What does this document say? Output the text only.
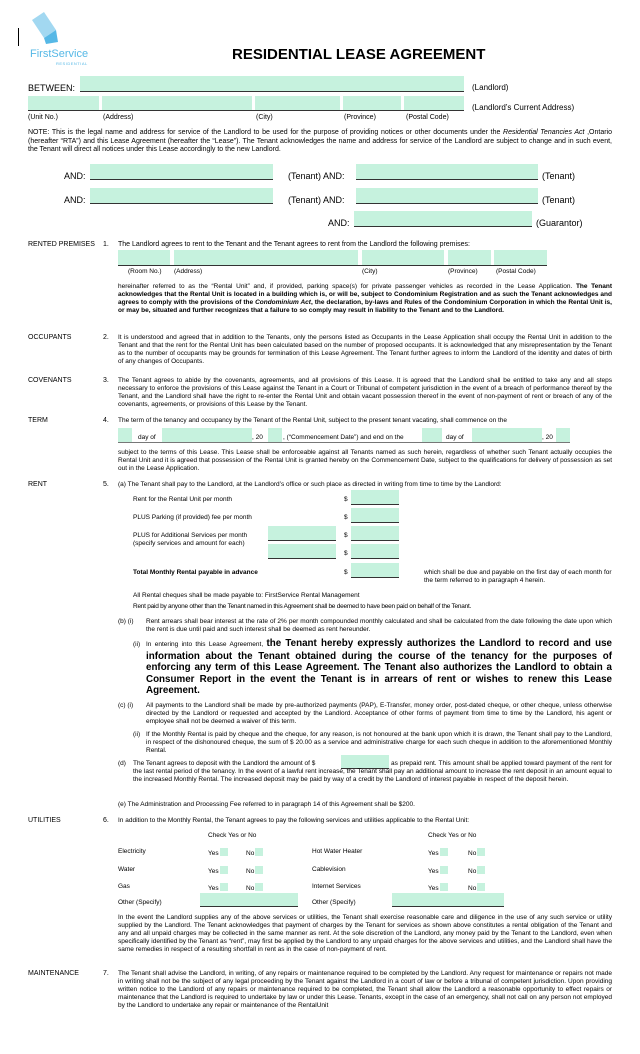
FirstService
RESIDENTIAL
RESIDENTIAL LEASE AGREEMENT
BETWEEN:	(Landlord)
(Landlord’s Current Address)
(Unit No.)	(Address)	(City)	(Province)	(Postal Code)
NOTE: This is the legal name and address for service of the Landlord to be used for the purpose of providing notices or other documents under the Residential Tenancies Act ,Ontario (hereafter “RTA”) and this Lease Agreement (hereafter the “Lease”). The Tenant acknowledges the name and address for service of the Landlord are subject to change and in such event, the Tenant will direct all notices under this Lease accordingly to the new Landlord.
AND:	(Tenant) AND:	(Tenant)
AND:	(Tenant) AND:	(Tenant)
AND:	(Guarantor)
RENTED PREMISES 1. The Landlord agrees to rent to the Tenant and the Tenant agrees to rent from the Landlord the following premises:
(Room No.) (Address)	(City)	(Province)	(Postal Code)
hereinafter referred to as the “Rental Unit” and, if provided, parking space(s) for private passenger vehicles as recorded in the Lease Application. The Tenant acknowledges that the Rental Unit is located in a building which is, or will be, subject to Condominium Registration and as such the Tenant acknowledges and agrees to comply with the provisions of the Condominium Act, the declaration, by-laws and Rules of the Condominium Corporation in which the Rental Unit is, or may be, situated and further recognizes that a failure to so comply may result in liability to the Tenant and to the Landlord.
OCCUPANTS	2. It is understood and agreed that in addition to the Tenants, only the persons listed as Occupants in the Lease Application shall occupy the Rental Unit in addition to the Tenant and that the rent for the Rental Unit has been calculated based on the number of proposed occupants. It is acknowledged that any misrepresentation by the Tenant as to the number of occupants may be grounds for termination of this Lease Agreement. The Tenant further agrees to inform the Landlord of the identity and dates of birth of any changes of Occupants.
COVENANTS	3. The Tenant agrees to abide by the covenants, agreements, and all provisions of this Lease. It is agreed that the Landlord shall be entitled to take any and all steps necessary to enforce the provisions of this Lease against the Tenant in a Court or Tribunal of competent jurisdiction in the event of a breach of performance thereof by the Tenant, and the Landlord shall have the right to re-enter the Rental Unit and obtain vacant possession thereof in the event of non-payment of rent or breach of any of the covenants, agreements, or provisions of this Lease by the Tenant.
TERM	4. The term of the tenancy and occupancy by the Tenant of the Rental Unit, subject to the present tenant vacating, shall commence on the
day of	, 20	, (“Commencement Date”) and end on the	day of	, 20
subject to the terms of this Lease. This Lease shall be enforceable against all Tenants named as such herein, regardless of whether such Tenant actually occupies the Rental Unit and it is agreed that possession of the Rental Unit is granted hereby on the Commencement Date, subject to the qualifications for delivery of possession as set out in the Lease Application.
RENT	5. (a) The Tenant shall pay to the Landlord, at the Landlord’s office or such place as directed in writing from time to time by the Landlord:
Rent for the Rental Unit per month	$
PLUS Parking (if provided) fee per month	$
PLUS for Additional Services per month
(specify services and amount for each)
$
$
Total Monthly Rental payable in advance	$	which shall be due and payable on the first day of each month for the term referred to in paragraph 4 herein.
All Rental cheques shall be made payable to: FirstService Rental Management
Rent paid by anyone other than the Tenant named in this Agreement shall be deemed to have been paid on behalf of the Tenant.
(b) (i) Rent arrears shall bear interest at the rate of 2% per month compounded monthly calculated and shall be calculated from the date following the date upon which the rent is due until paid and such interest shall be deemed as rent hereunder.
(ii) In entering into this Lease Agreement, the Tenant hereby expressly authorizes the Landlord to record and use information about the Tenant obtained during the course of the tenancy for the purposes of enforcing any term of this Lease Agreement. The Tenant also authorizes the Landlord to obtain a Consumer Report in the event the Tenant is in arrears of rent or wishes to renew this Lease Agreement.
(c) (i) All payments to the Landlord shall be made by pre-authorized payments (PAP), E-Transfer, money order, post-dated cheque, or other cheque, unless otherwise directed by the Landlord or requested and accepted by the Landlord. Acceptance of other forms of payment from time to time by the Landlord, his agent or employee shall not be deemed a waiver of this term.
(ii) If the Monthly Rental is paid by cheque and the cheque, for any reason, is not honoured at the bank upon which it is drawn, the Tenant shall pay to the Landlord, in respect of the dishonoured cheque, the sum of $ 20.00 as a service and administrative charge for each such cheque in addition to the aforementioned Monthly Rental.
(d) The Tenant agrees to deposit with the Landlord the amount of $	as prepaid rent. This amount shall be applied toward payment of the rent for the last rental period of the tenancy. In the event of a lawful rent increase, the Tenant shall pay an additional amount to increase the rent deposit in an amount equal to the increased Monthly Rental. The increased deposit may be paid by way of a credit by the Landlord of interest payable in respect of the deposit herein.
(e) The Administration and Processing Fee referred to in paragraph 14 of this Agreement shall be $200.
UTILITIES	6. In addition to the Monthly Rental, the Tenant agrees to pay the following services and utilities applicable to the Rental Unit:
Check Yes or No	Check Yes or No
Electricity	Yes	No
Water	Yes	No
Gas	Yes	No
Hot Water Heater	Yes	No
Cablevision	Yes	No
Internet Services	Yes	No
Other (Specify)	Other (Specify)
In the event the Landlord supplies any of the above services or utilities, the Tenant shall exercise reasonable care and diligence in the use of any such service or utility supplied by the Landlord. The Tenant acknowledges that payment of charges by the Tenant for services as shown above constitutes a rental obligation of the Tenant and any and all unpaid charges may be collected in the same manner as rent. At the sole discretion of the Landlord, any money paid by the Tenant to the Landlord, even when specifically identified by the Tenant as “rent”, may first be applied by the Landlord to any unpaid charges for the above services and utilities, and the Landlord shall have the same remedies in respect of a resulting shortfall in rent as in the case of non-payment of rent.
MAINTENANCE	7. The Tenant shall advise the Landlord, in writing, of any repairs or maintenance required to be completed by the Landlord. Any request for maintenance or repairs not made in writing shall not be the subject of any legal proceeding by the Tenant against the Landlord in a court of law or before a tribunal of competent jurisdiction. Upon providing written notice to the Landlord of any repairs or maintenance required to be completed, the Tenant shall allow the Landlord a reasonable opportunity to effect repairs or maintenance that the Landlord is required to undertake by law or under this Lease. Tenants, except in the case of an emergency, shall not call on any person not employed by the Landlord to undertake any repair or maintenance of the RentalUnit
